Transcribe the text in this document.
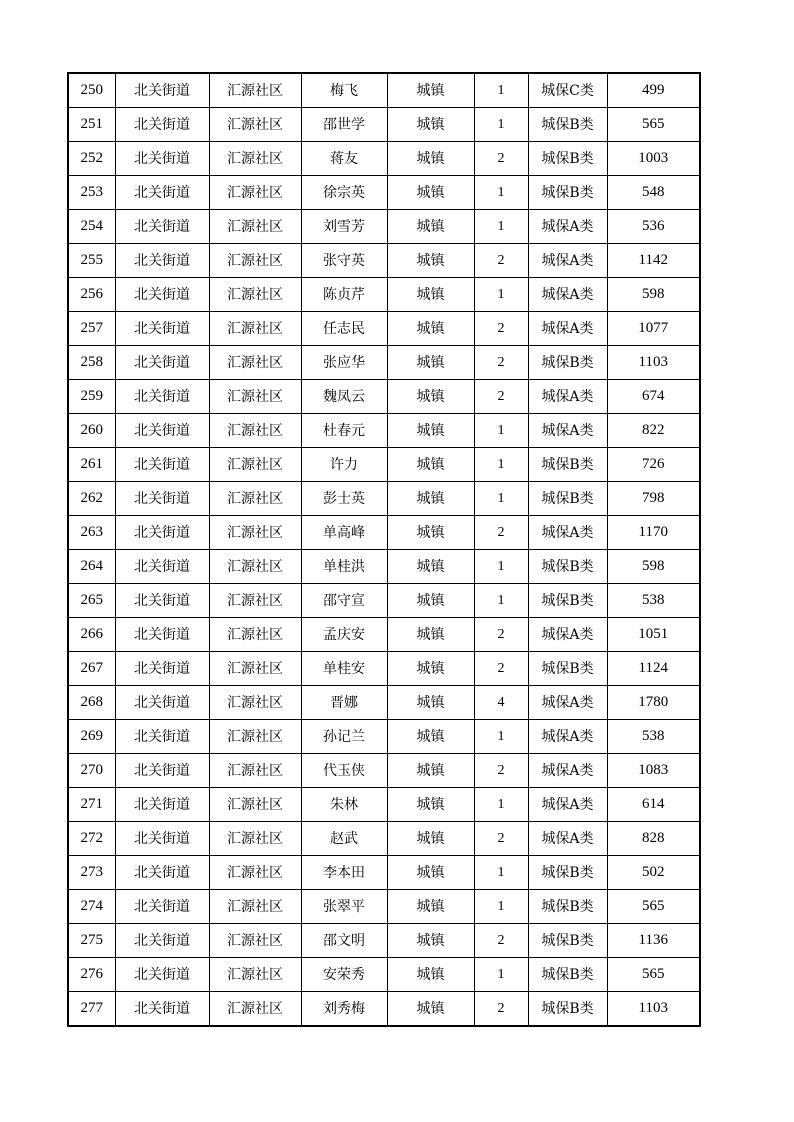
250	北关街道	汇源社区	梅飞	城镇	1	城保C类	499
251	北关街道	汇源社区	邵世学	城镇	1	城保B类	565
252	北关街道	汇源社区	蒋友	城镇	2	城保B类	1003
253	北关街道	汇源社区	徐宗英	城镇	1	城保B类	548
254	北关街道	汇源社区	刘雪芳	城镇	1	城保A类	536
255	北关街道	汇源社区	张守英	城镇	2	城保A类	1142
256	北关街道	汇源社区	陈贞芹	城镇	1	城保A类	598
257	北关街道	汇源社区	任志民	城镇	2	城保A类	1077
258	北关街道	汇源社区	张应华	城镇	2	城保B类	1103
259	北关街道	汇源社区	魏凤云	城镇	2	城保A类	674
260	北关街道	汇源社区	杜春元	城镇	1	城保A类	822
261	北关街道	汇源社区	许力	城镇	1	城保B类	726
262	北关街道	汇源社区	彭士英	城镇	1	城保B类	798
263	北关街道	汇源社区	单高峰	城镇	2	城保A类	1170
264	北关街道	汇源社区	单桂洪	城镇	1	城保B类	598
265	北关街道	汇源社区	邵守宣	城镇	1	城保B类	538
266	北关街道	汇源社区	孟庆安	城镇	2	城保A类	1051
267	北关街道	汇源社区	单桂安	城镇	2	城保B类	1124
268	北关街道	汇源社区	晋娜	城镇	4	城保A类	1780
269	北关街道	汇源社区	孙记兰	城镇	1	城保A类	538
270	北关街道	汇源社区	代玉侠	城镇	2	城保A类	1083
271	北关街道	汇源社区	朱林	城镇	1	城保A类	614
272	北关街道	汇源社区	赵武	城镇	2	城保A类	828
273	北关街道	汇源社区	李本田	城镇	1	城保B类	502
274	北关街道	汇源社区	张翠平	城镇	1	城保B类	565
275	北关街道	汇源社区	邵文明	城镇	2	城保B类	1136
276	北关街道	汇源社区	安荣秀	城镇	1	城保B类	565
277	北关街道	汇源社区	刘秀梅	城镇	2	城保B类	1103
